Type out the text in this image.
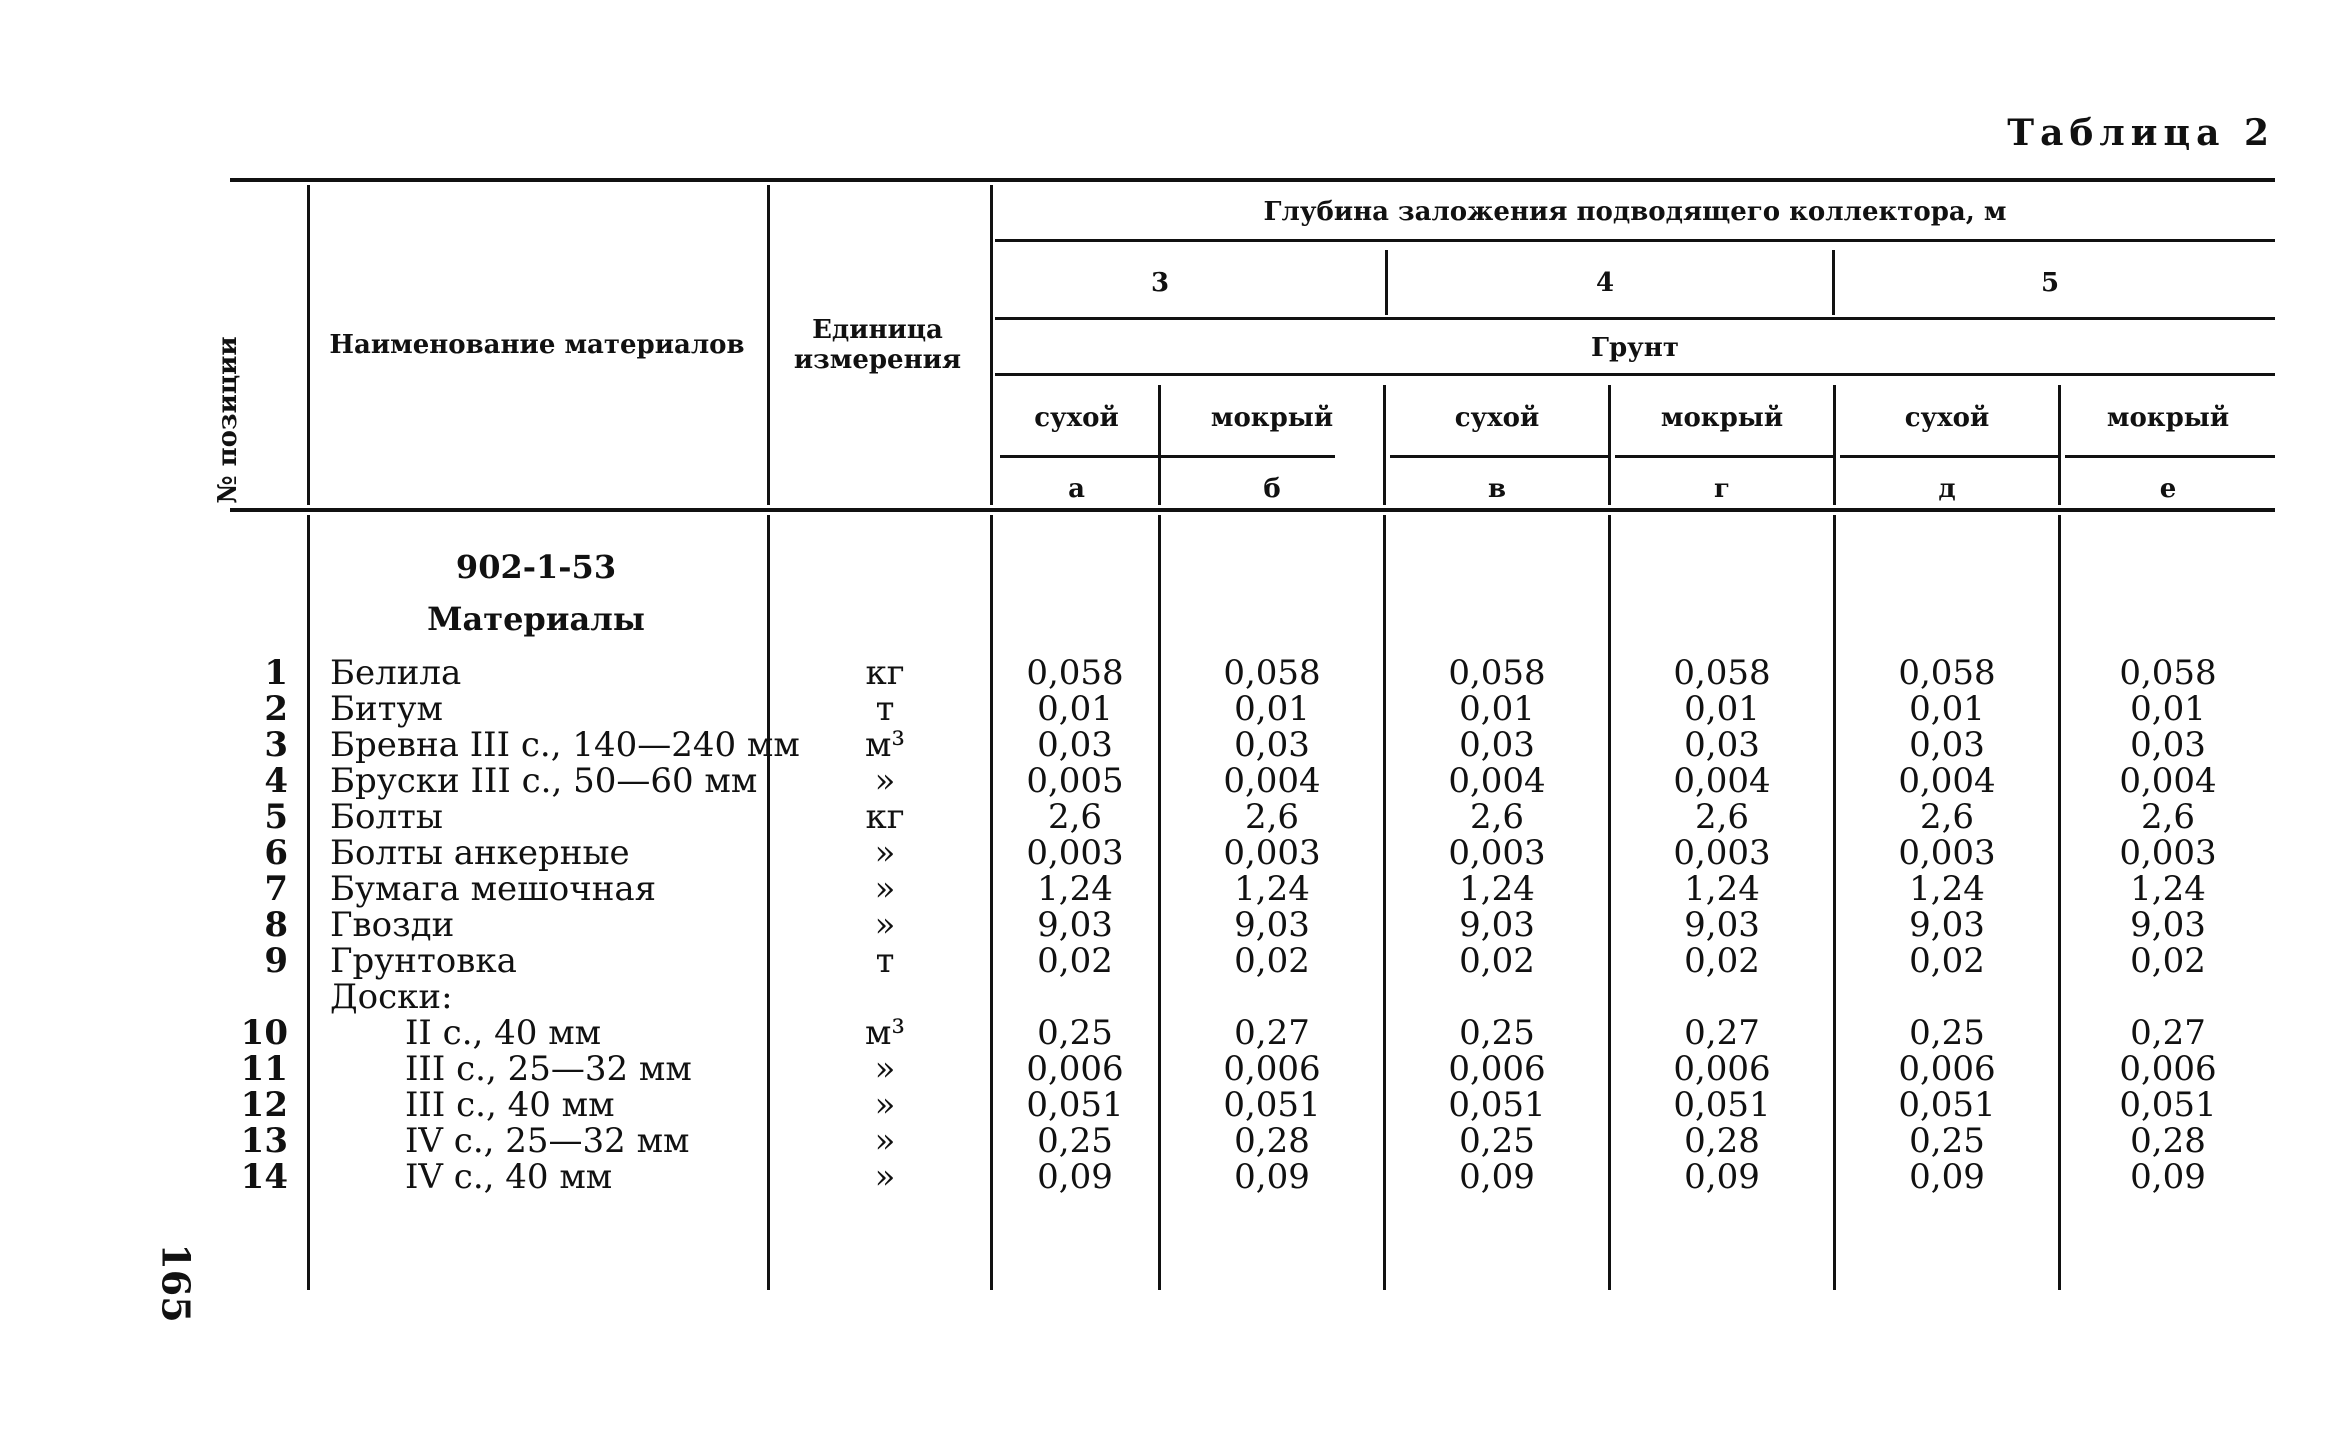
Таблица 2
№ позиции	Наименование материалов	Единица измерения
Глубина заложения подводящего коллектора, м
3	4	5
Грунт
сухой	мокрый	сухой	мокрый	сухой	мокрый
а	б	в	г	д	е
902-1-53
Материалы
1 Белила	кг	0,058	0,058	0,058	0,058	0,058	0,058
2 Битум	т	0,01	0,01	0,01	0,01	0,01	0,01
3 Бревна III с., 140—240 мм	м³	0,03	0,03	0,03	0,03	0,03	0,03
4 Бруски III с., 50—60 мм	»	0,005	0,004	0,004	0,004	0,004	0,004
5 Болты	кг	2,6	2,6	2,6	2,6	2,6	2,6
6 Болты анкерные	»	0,003	0,003	0,003	0,003	0,003	0,003
7 Бумага мешочная	»	1,24	1,24	1,24	1,24	1,24	1,24
8 Гвозди	»	9,03	9,03	9,03	9,03	9,03	9,03
9 Грунтовка	т	0,02	0,02	0,02	0,02	0,02	0,02
Доски:
10	II с., 40 мм	м³	0,25	0,27	0,25	0,27	0,25	0,27
11	III с., 25—32 мм	»	0,006	0,006	0,006	0,006	0,006	0,006
12	III с., 40 мм	»	0,051	0,051	0,051	0,051	0,051	0,051
13	IV с., 25—32 мм	»	0,25	0,28	0,25	0,28	0,25	0,28
14	IV с., 40 мм	»	0,09	0,09	0,09	0,09	0,09	0,09
165
